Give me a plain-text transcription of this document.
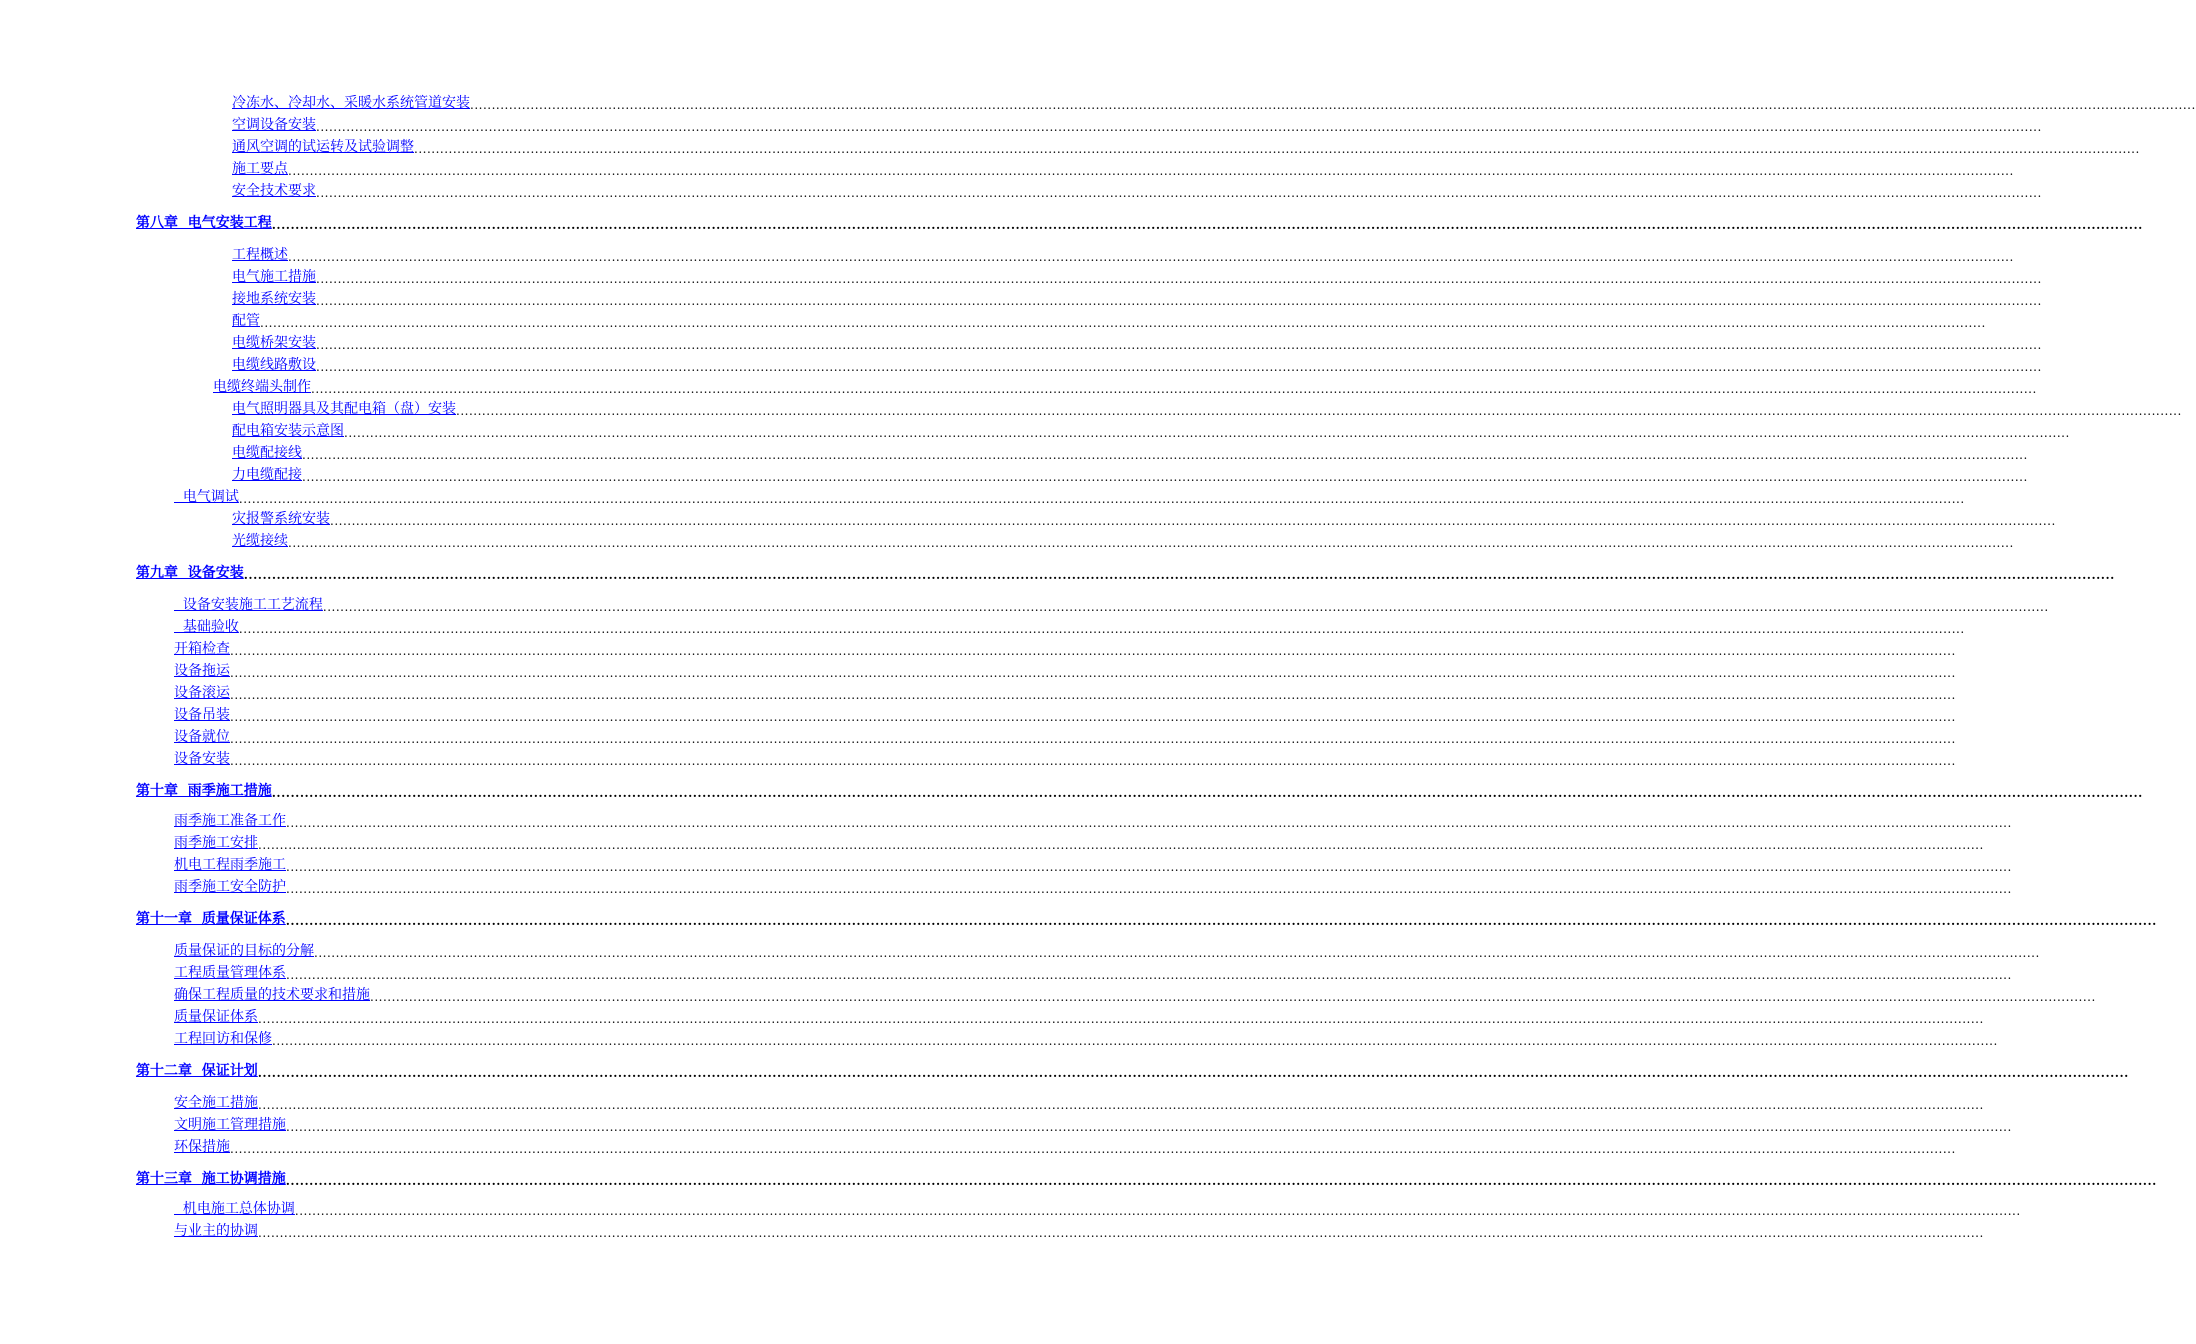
冷冻水、冷却水、采暖水系统管道安装 ................................................................................................................................................................................................................................................................................................................................................................................................................
空调设备安装 ................................................................................................................................................................................................................................................................................................................................................................................................................
通风空调的试运转及试验调整 ................................................................................................................................................................................................................................................................................................................................................................................................................
施工要点 ................................................................................................................................................................................................................................................................................................................................................................................................................
安全技术要求 ................................................................................................................................................................................................................................................................................................................................................................................................................
第八章  电气安装工程 ................................................................................................................................................................................................................................................................................................................................................................................................................
工程概述 ................................................................................................................................................................................................................................................................................................................................................................................................................
电气施工措施 ................................................................................................................................................................................................................................................................................................................................................................................................................
接地系统安装 ................................................................................................................................................................................................................................................................................................................................................................................................................
配管 ................................................................................................................................................................................................................................................................................................................................................................................................................
电缆桥架安装 ................................................................................................................................................................................................................................................................................................................................................................................................................
电缆线路敷设 ................................................................................................................................................................................................................................................................................................................................................................................................................
电缆终端头制作 ................................................................................................................................................................................................................................................................................................................................................................................................................
电气照明器具及其配电箱（盘）安装 ................................................................................................................................................................................................................................................................................................................................................................................................................
配电箱安装示意图 ................................................................................................................................................................................................................................................................................................................................................................................................................
电缆配接线 ................................................................................................................................................................................................................................................................................................................................................................................................................
力电缆配接 ................................................................................................................................................................................................................................................................................................................................................................................................................
电气调试 ................................................................................................................................................................................................................................................................................................................................................................................................................
灾报警系统安装 ................................................................................................................................................................................................................................................................................................................................................................................................................
光缆接续 ................................................................................................................................................................................................................................................................................................................................................................................................................
第九章  设备安装 ................................................................................................................................................................................................................................................................................................................................................................................................................
设备安装施工工艺流程 ................................................................................................................................................................................................................................................................................................................................................................................................................
基础验收 ................................................................................................................................................................................................................................................................................................................................................................................................................
开箱检查 ................................................................................................................................................................................................................................................................................................................................................................................................................
设备拖运 ................................................................................................................................................................................................................................................................................................................................................................................................................
设备滚运 ................................................................................................................................................................................................................................................................................................................................................................................................................
设备吊装 ................................................................................................................................................................................................................................................................................................................................................................................................................
设备就位 ................................................................................................................................................................................................................................................................................................................................................................................................................
设备安装 ................................................................................................................................................................................................................................................................................................................................................................................................................
第十章  雨季施工措施 ................................................................................................................................................................................................................................................................................................................................................................................................................
雨季施工准备工作 ................................................................................................................................................................................................................................................................................................................................................................................................................
雨季施工安排 ................................................................................................................................................................................................................................................................................................................................................................................................................
机电工程雨季施工 ................................................................................................................................................................................................................................................................................................................................................................................................................
雨季施工安全防护 ................................................................................................................................................................................................................................................................................................................................................................................................................
第十一章  质量保证体系 ................................................................................................................................................................................................................................................................................................................................................................................................................
质量保证的目标的分解 ................................................................................................................................................................................................................................................................................................................................................................................................................
工程质量管理体系 ................................................................................................................................................................................................................................................................................................................................................................................................................
确保工程质量的技术要求和措施 ................................................................................................................................................................................................................................................................................................................................................................................................................
质量保证体系 ................................................................................................................................................................................................................................................................................................................................................................................................................
工程回访和保修 ................................................................................................................................................................................................................................................................................................................................................................................................................
第十二章  保证计划 ................................................................................................................................................................................................................................................................................................................................................................................................................
安全施工措施 ................................................................................................................................................................................................................................................................................................................................................................................................................
文明施工管理措施 ................................................................................................................................................................................................................................................................................................................................................................................................................
环保措施 ................................................................................................................................................................................................................................................................................................................................................................................................................
第十三章  施工协调措施 ................................................................................................................................................................................................................................................................................................................................................................................................................
机电施工总体协调 ................................................................................................................................................................................................................................................................................................................................................................................................................
与业主的协调 ................................................................................................................................................................................................................................................................................................................................................................................................................
